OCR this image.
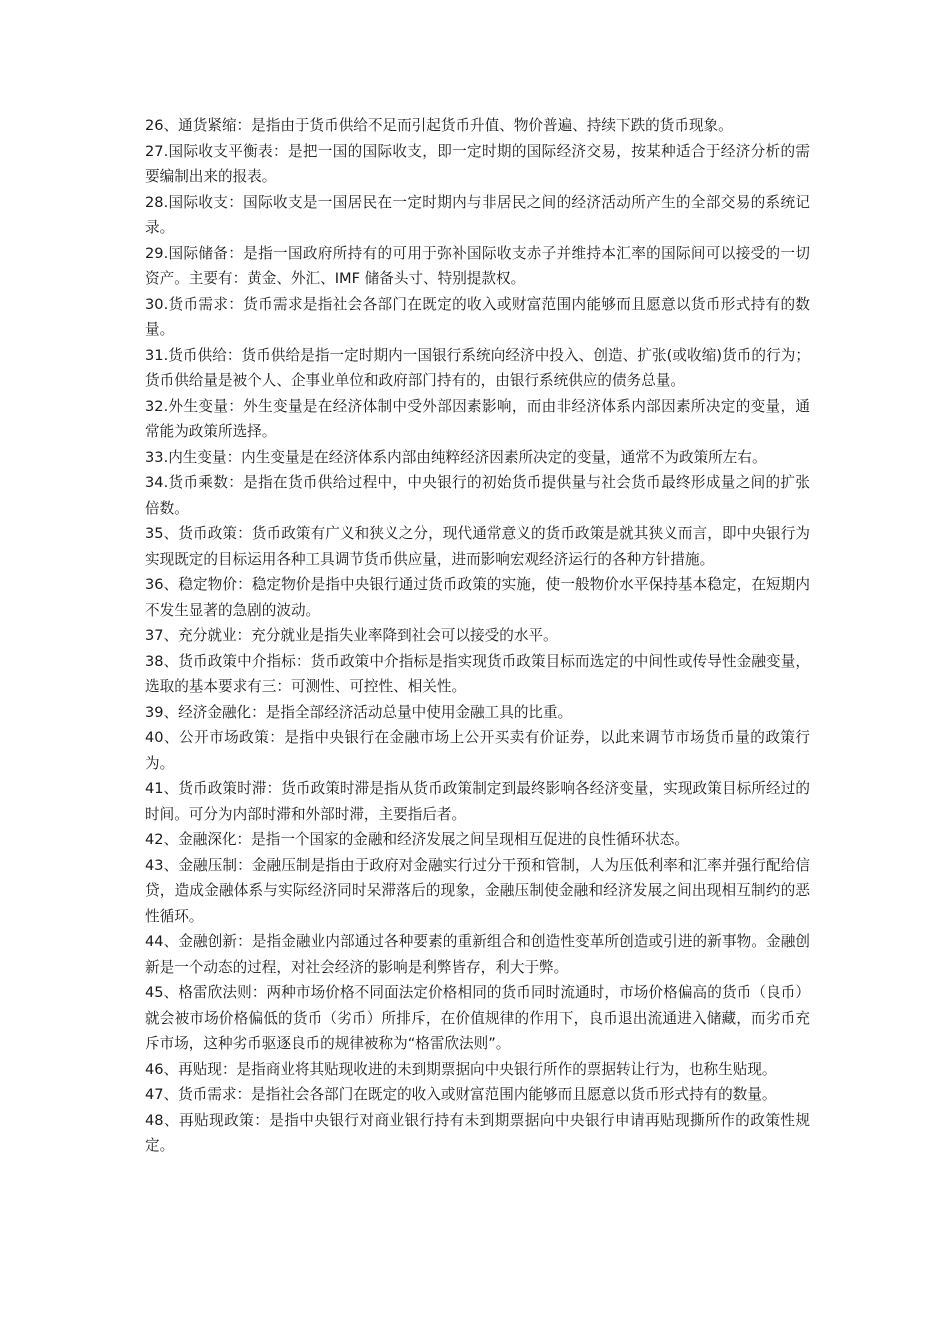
26、通货紧缩：是指由于货币供给不足而引起货币升值、物价普遍、持续下跌的货币现象。

27.国际收支平衡表：是把一国的国际收支，即一定时期的国际经济交易，按某种适合于经济分析的需要编制出来的报表。

28.国际收支：国际收支是一国居民在一定时期内与非居民之间的经济活动所产生的全部交易的系统记录。

29.国际储备：是指一国政府所持有的可用于弥补国际收支赤子并维持本汇率的国际间可以接受的一切资产。主要有：黄金、外汇、IMF 储备头寸、特别提款权。

30.货币需求：货币需求是指社会各部门在既定的收入或财富范围内能够而且愿意以货币形式持有的数量。

31.货币供给：货币供给是指一定时期内一国银行系统向经济中投入、创造、扩张(或收缩)货币的行为；货币供给量是被个人、企事业单位和政府部门持有的，由银行系统供应的债务总量。

32.外生变量：外生变量是在经济体制中受外部因素影响，而由非经济体系内部因素所决定的变量，通常能为政策所选择。

33.内生变量：内生变量是在经济体系内部由纯粹经济因素所决定的变量，通常不为政策所左右。

34.货币乘数：是指在货币供给过程中，中央银行的初始货币提供量与社会货币最终形成量之间的扩张倍数。

35、货币政策：货币政策有广义和狭义之分，现代通常意义的货币政策是就其狭义而言，即中央银行为实现既定的目标运用各种工具调节货币供应量，进而影响宏观经济运行的各种方针措施。

36、稳定物价：稳定物价是指中央银行通过货币政策的实施，使一般物价水平保持基本稳定，在短期内不发生显著的急剧的波动。

37、充分就业：充分就业是指失业率降到社会可以接受的水平。

38、货币政策中介指标：货币政策中介指标是指实现货币政策目标而选定的中间性或传导性金融变量，选取的基本要求有三：可测性、可控性、相关性。

39、经济金融化：是指全部经济活动总量中使用金融工具的比重。

40、公开市场政策：是指中央银行在金融市场上公开买卖有价证券，以此来调节市场货币量的政策行为。

41、货币政策时滞：货币政策时滞是指从货币政策制定到最终影响各经济变量，实现政策目标所经过的时间。可分为内部时滞和外部时滞，主要指后者。

42、金融深化：是指一个国家的金融和经济发展之间呈现相互促进的良性循环状态。

43、金融压制：金融压制是指由于政府对金融实行过分干预和管制，人为压低利率和汇率并强行配给信贷，造成金融体系与实际经济同时呆滞落后的现象，金融压制使金融和经济发展之间出现相互制约的恶性循环。

44、金融创新：是指金融业内部通过各种要素的重新组合和创造性变革所创造或引进的新事物。金融创新是一个动态的过程，对社会经济的影响是利弊皆存，利大于弊。

45、格雷欣法则：两种市场价格不同面法定价格相同的货币同时流通时，市场价格偏高的货币（良币）就会被市场价格偏低的货币（劣币）所排斥，在价值规律的作用下，良币退出流通进入储藏，而劣币充斥市场，这种劣币驱逐良币的规律被称为“格雷欣法则”。

46、再贴现：是指商业将其贴现收进的未到期票据向中央银行所作的票据转让行为，也称生贴现。

47、货币需求：是指社会各部门在既定的收入或财富范围内能够而且愿意以货币形式持有的数量。

48、再贴现政策：是指中央银行对商业银行持有未到期票据向中央银行申请再贴现撕所作的政策性规定。
